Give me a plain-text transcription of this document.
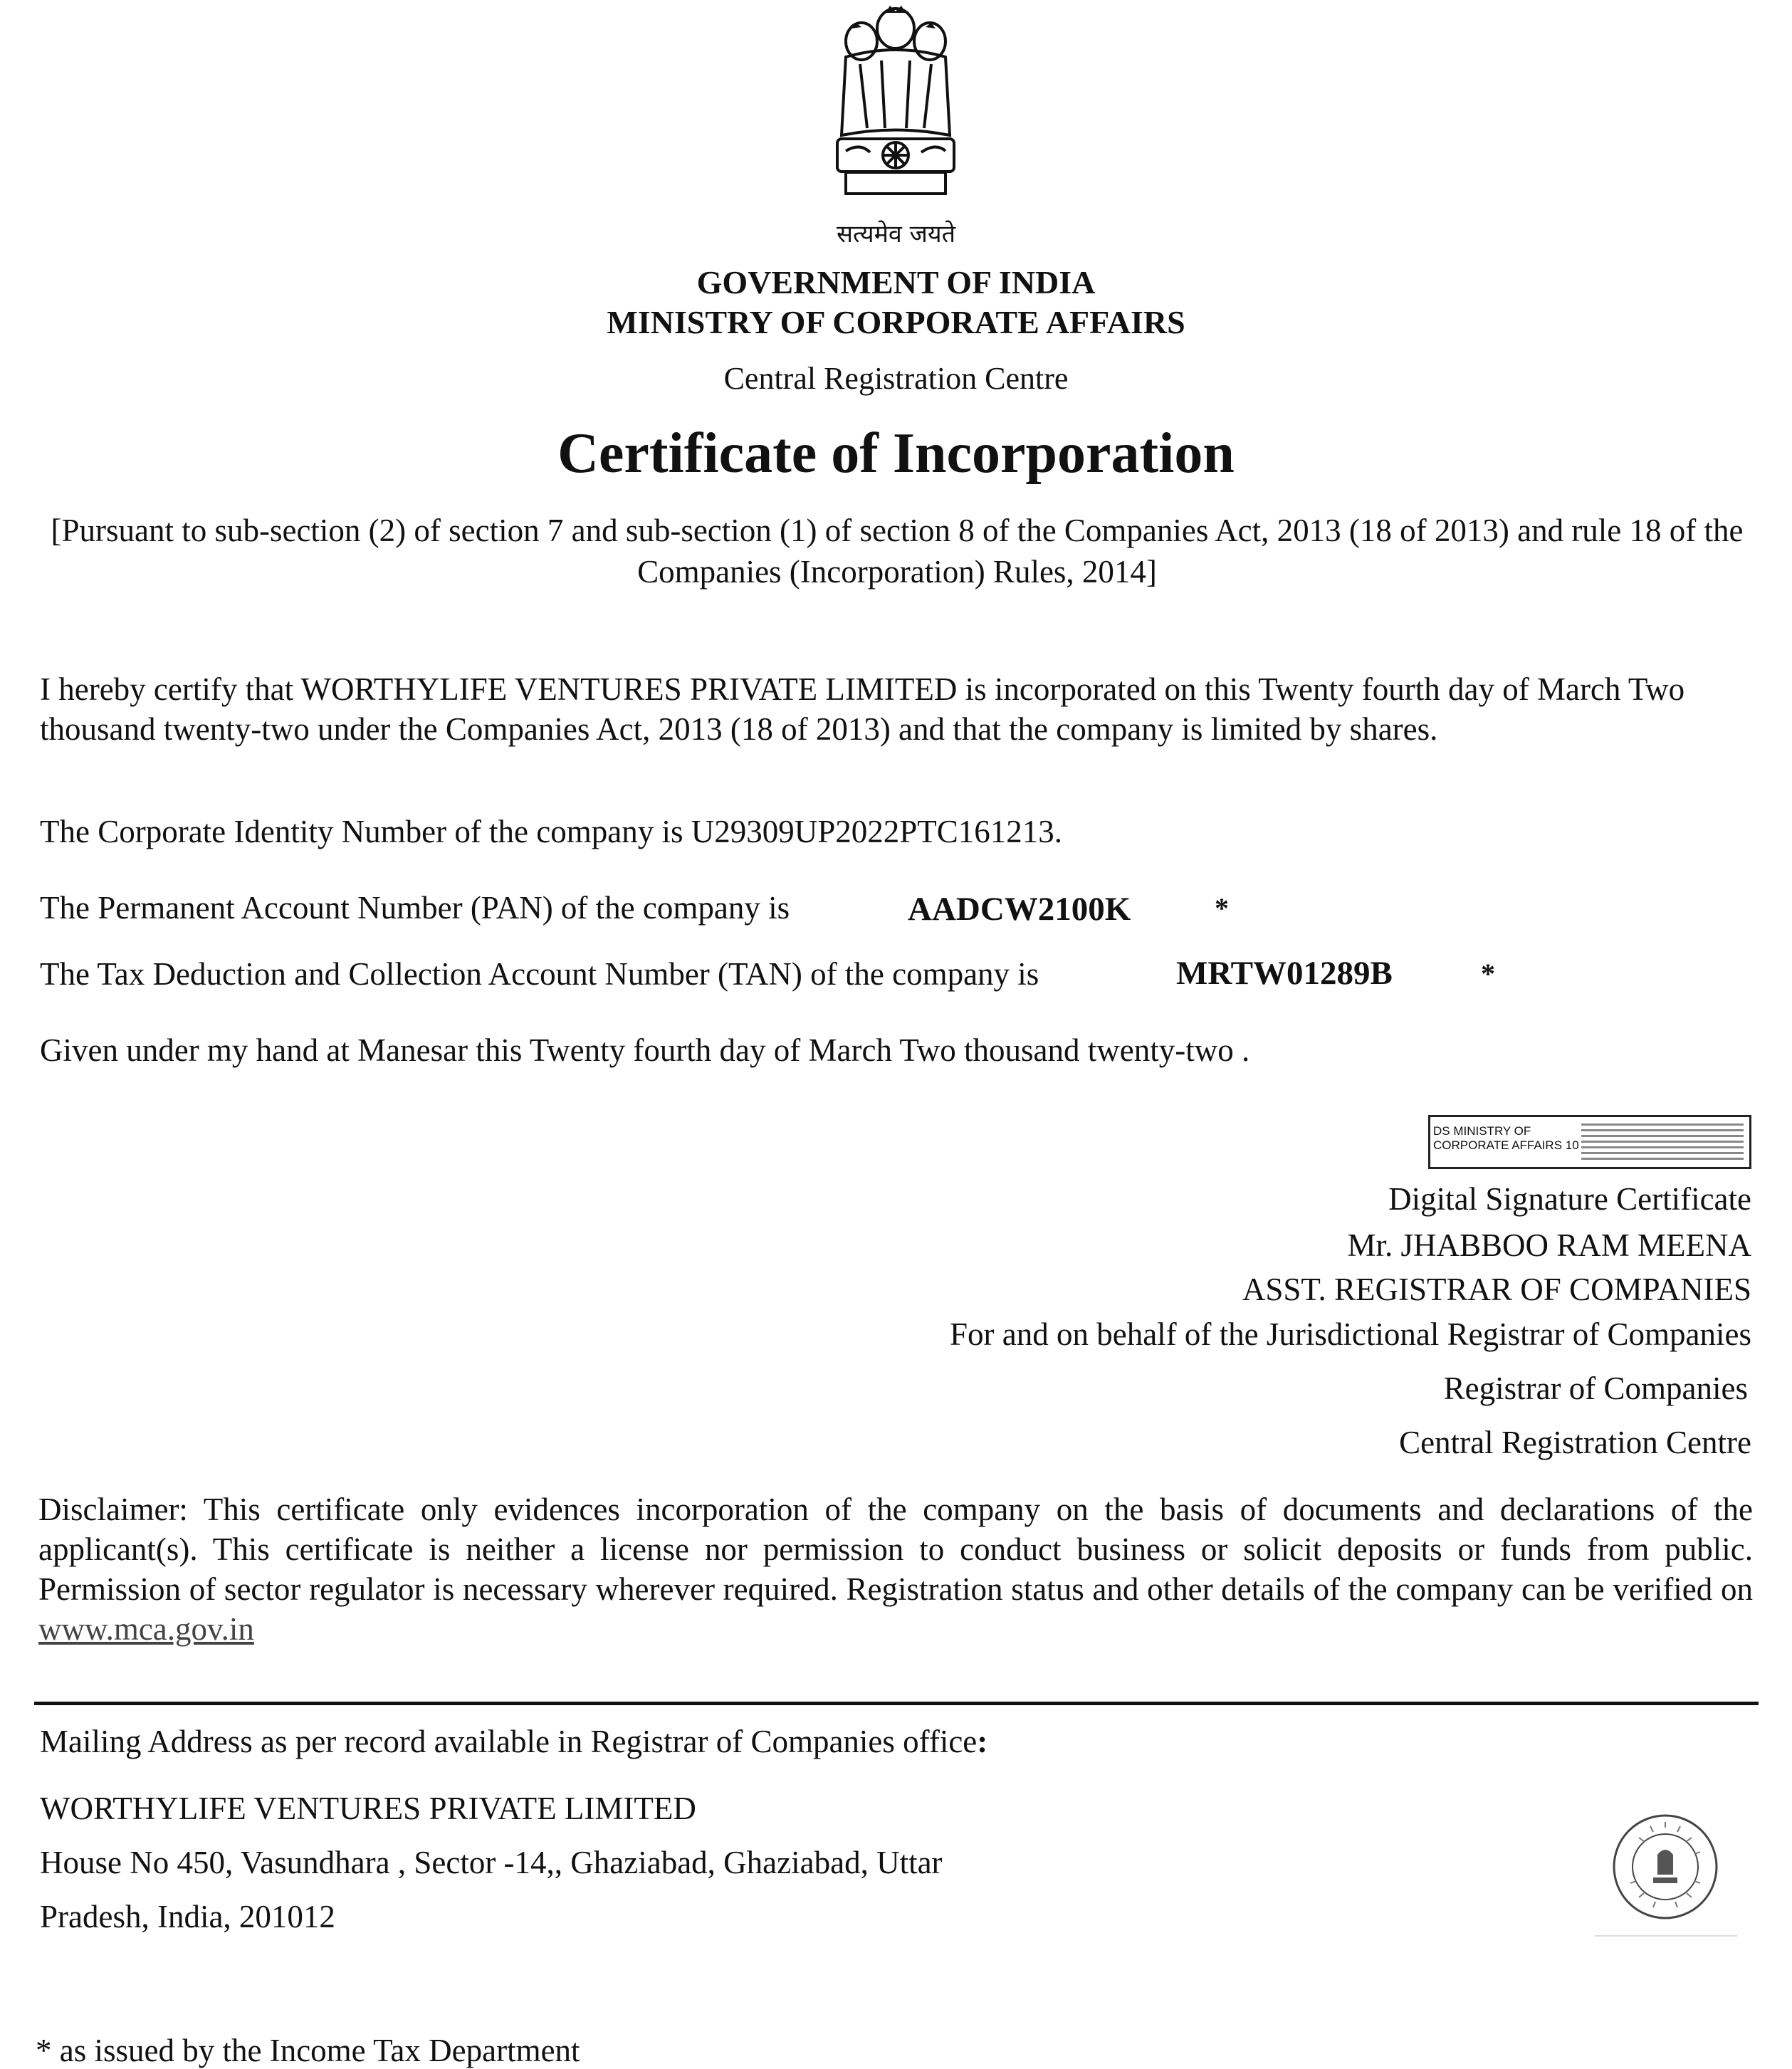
सत्यमेव जयते
GOVERNMENT OF INDIA
MINISTRY OF CORPORATE AFFAIRS
Central Registration Centre
Certificate of Incorporation
[Pursuant to sub-section (2) of section 7 and sub-section (1) of section 8 of the Companies Act, 2013 (18 of 2013) and rule 18 of the Companies (Incorporation) Rules, 2014]
I hereby certify that WORTHYLIFE VENTURES PRIVATE LIMITED is incorporated on this Twenty fourth day of March Two thousand twenty-two under the Companies Act, 2013 (18 of 2013) and that the company is limited by shares.
The Corporate Identity Number of the company is U29309UP2022PTC161213.
The Permanent Account Number (PAN) of the company is	AADCW2100K	*
The Tax Deduction and Collection Account Number (TAN) of the company is	MRTW01289B	*
Given under my hand at Manesar this Twenty fourth day of March Two thousand twenty-two .
DS MINISTRY OF
CORPORATE AFFAIRS 10
Digital Signature Certificate
Mr. JHABBOO RAM MEENA
ASST. REGISTRAR OF COMPANIES
For and on behalf of the Jurisdictional Registrar of Companies
Registrar of Companies
Central Registration Centre
Disclaimer: This certificate only evidences incorporation of the company on the basis of documents and declarations of the applicant(s). This certificate is neither a license nor permission to conduct business or solicit deposits or funds from public. Permission of sector regulator is necessary wherever required. Registration status and other details of the company can be verified on www.mca.gov.in
Mailing Address as per record available in Registrar of Companies office:
WORTHYLIFE VENTURES PRIVATE LIMITED
House No 450, Vasundhara , Sector -14,, Ghaziabad, Ghaziabad, Uttar
Pradesh, India, 201012
* as issued by the Income Tax Department
